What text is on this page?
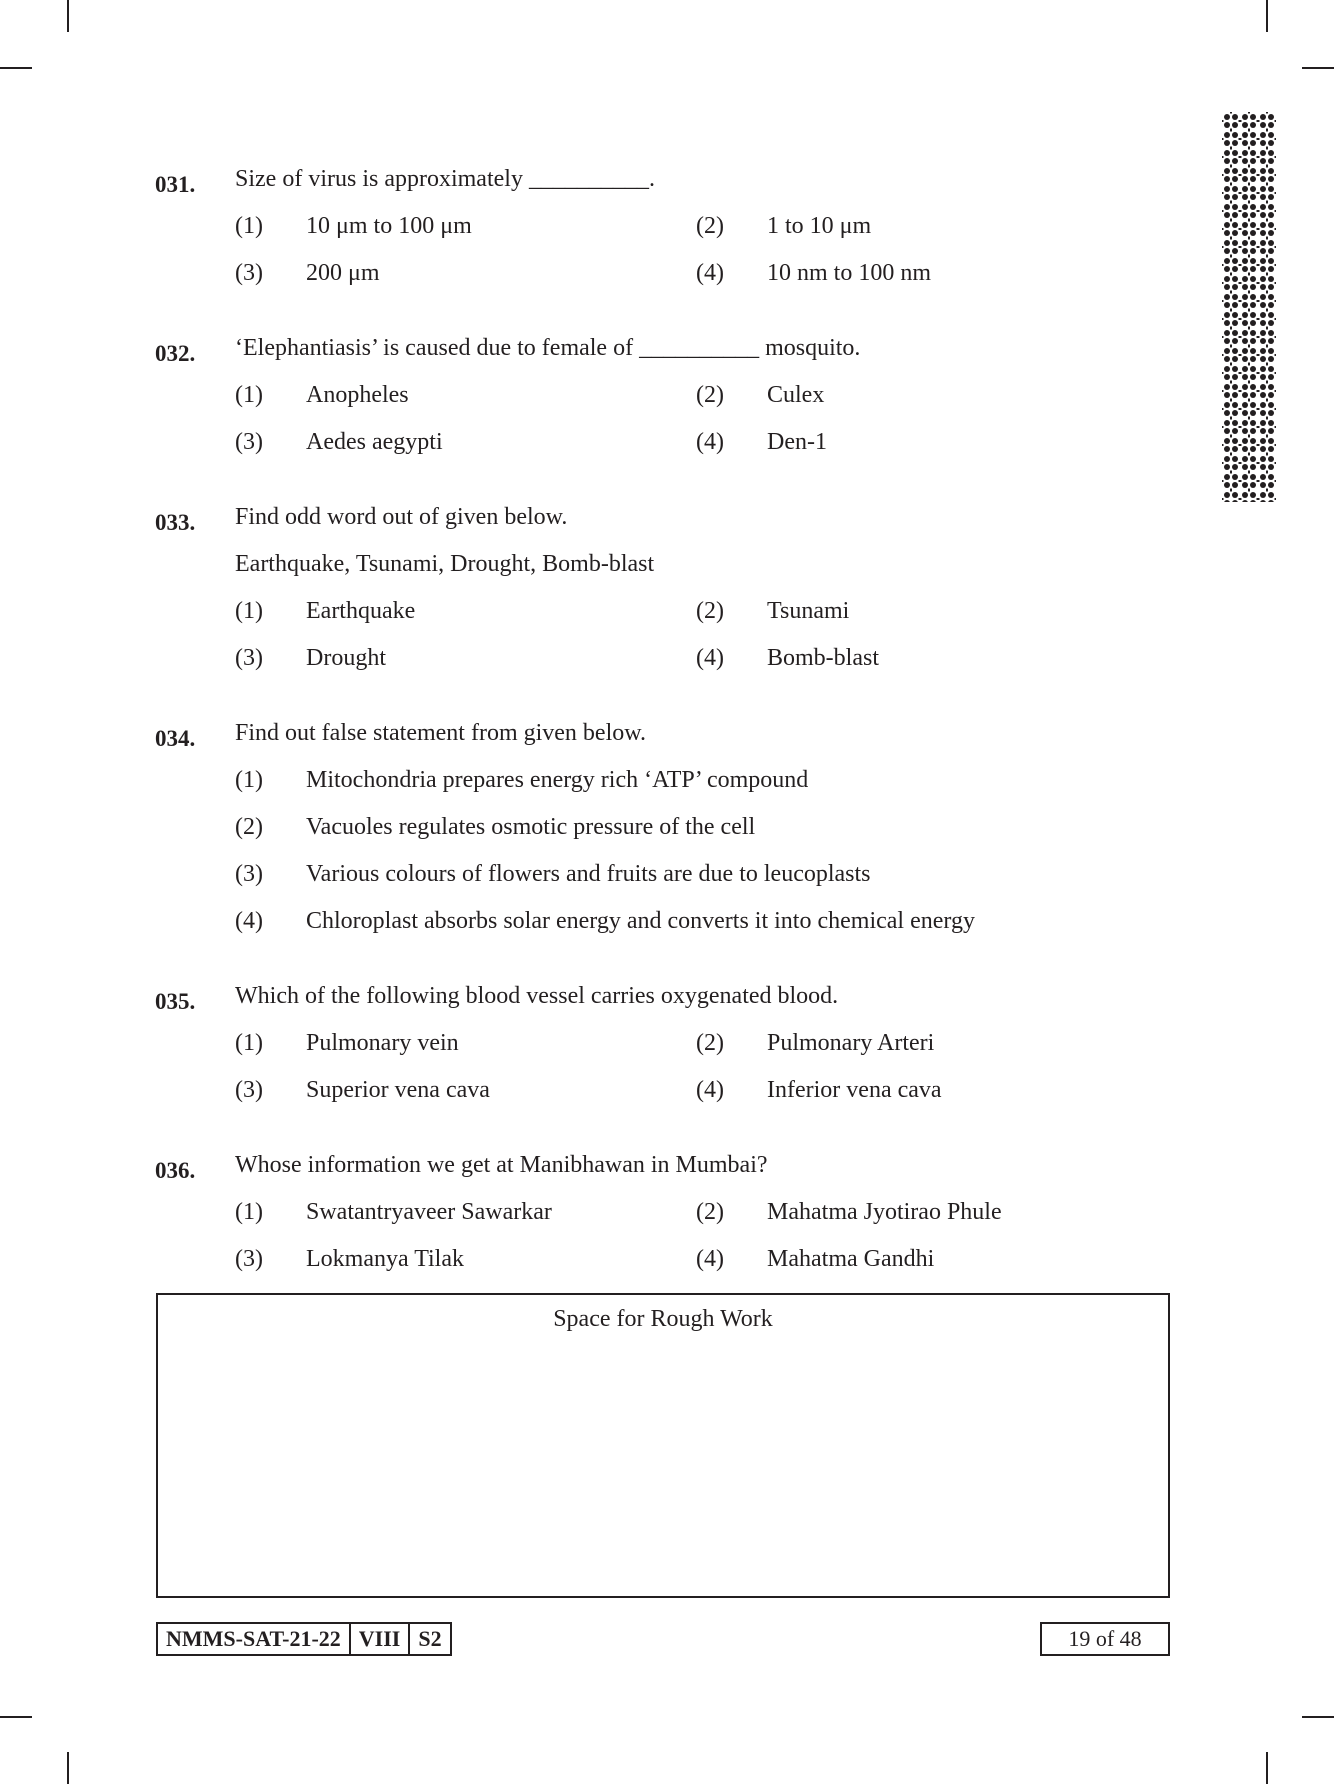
031. Size of virus is approximately __________.
(1) 10 μm to 100 μm	(2) 1 to 10 μm
(3) 200 μm	(4) 10 nm to 100 nm
032. ‘Elephantiasis’ is caused due to female of __________ mosquito.
(1) Anopheles	(2) Culex
(3) Aedes aegypti	(4) Den-1
033. Find odd word out of given below.
Earthquake, Tsunami, Drought, Bomb-blast
(1) Earthquake	(2) Tsunami
(3) Drought	(4) Bomb-blast
034. Find out false statement from given below.
(1) Mitochondria prepares energy rich ‘ATP’ compound
(2) Vacuoles regulates osmotic pressure of the cell
(3) Various colours of flowers and fruits are due to leucoplasts
(4) Chloroplast absorbs solar energy and converts it into chemical energy
035. Which of the following blood vessel carries oxygenated blood.
(1) Pulmonary vein	(2) Pulmonary Arteri
(3) Superior vena cava	(4) Inferior vena cava
036. Whose information we get at Manibhawan in Mumbai?
(1) Swatantryaveer Sawarkar	(2) Mahatma Jyotirao Phule
(3) Lokmanya Tilak	(4) Mahatma Gandhi
Space for Rough Work
NMMS-SAT-21-22 VIII S2	19 of 48
